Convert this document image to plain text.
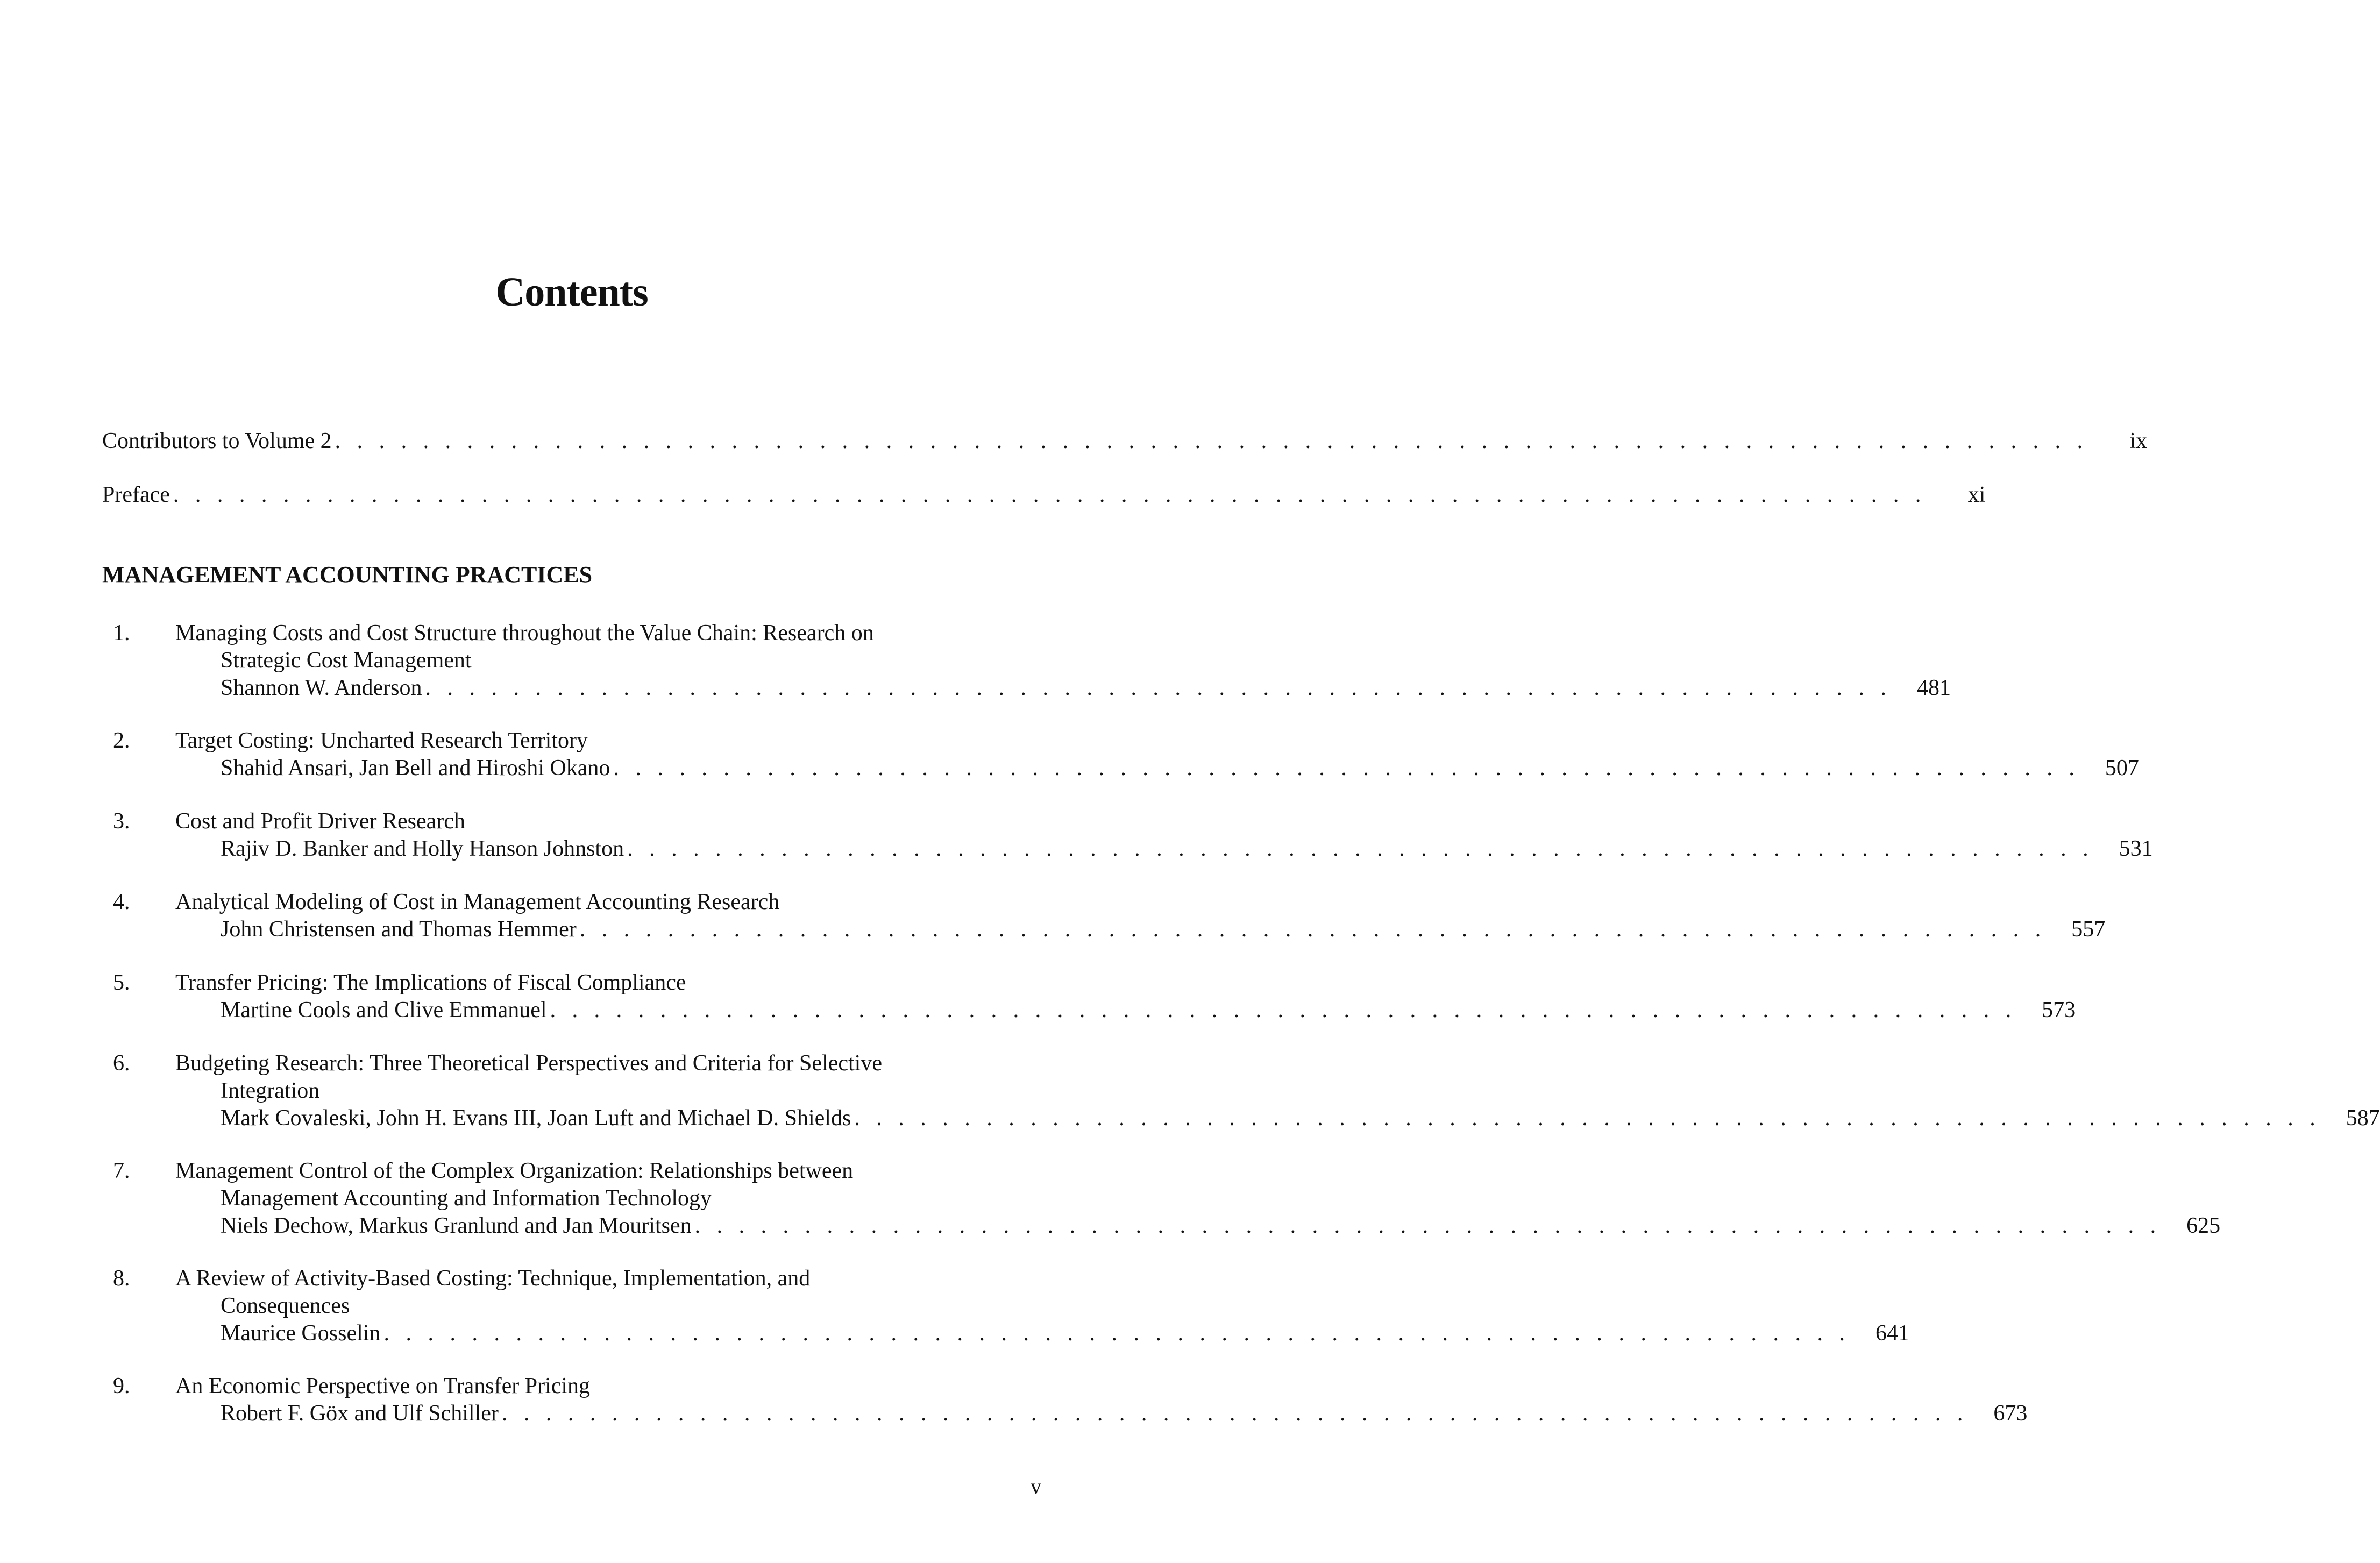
Contents
Contributors to Volume 2 . . . . . . . . . . . . . . . . . . . . . . . . . . . . . . . . . . . . . . . . . . . . . . . . . . . . . . . . . . . . . . . . . . . . . . . . . . . . . . . .	ix
Preface . . . . . . . . . . . . . . . . . . . . . . . . . . . . . . . . . . . . . . . . . . . . . . . . . . . . . . . . . . . . . . . . . . . . . . . . . . . . . . . .	xi
MANAGEMENT ACCOUNTING PRACTICES
1.	Managing Costs and Cost Structure throughout the Value Chain: Research on
Strategic Cost Management
Shannon W. Anderson . . . . . . . . . . . . . . . . . . . . . . . . . . . . . . . . . . . . . . . . . . . . . . . . . . . . . . . . . . . . . . . . . . .	481
2.	Target Costing: Uncharted Research Territory
Shahid Ansari, Jan Bell and Hiroshi Okano . . . . . . . . . . . . . . . . . . . . . . . . . . . . . . . . . . . . . . . . . . . . . . . . . . . . . . . . . . . . . . . . . . .	507
3.	Cost and Profit Driver Research
Rajiv D. Banker and Holly Hanson Johnston . . . . . . . . . . . . . . . . . . . . . . . . . . . . . . . . . . . . . . . . . . . . . . . . . . . . . . . . . . . . . . . . . . .	531
4.	Analytical Modeling of Cost in Management Accounting Research
John Christensen and Thomas Hemmer . . . . . . . . . . . . . . . . . . . . . . . . . . . . . . . . . . . . . . . . . . . . . . . . . . . . . . . . . . . . . . . . . . .	557
5.	Transfer Pricing: The Implications of Fiscal Compliance
Martine Cools and Clive Emmanuel . . . . . . . . . . . . . . . . . . . . . . . . . . . . . . . . . . . . . . . . . . . . . . . . . . . . . . . . . . . . . . . . . . .	573
6.	Budgeting Research: Three Theoretical Perspectives and Criteria for Selective
Integration
Mark Covaleski, John H. Evans III, Joan Luft and Michael D. Shields . . . . . . . . . . . . . . . . . . . . . . . . . . . . . . . . . . . . . . . . . . . . . . . . . . . . . . . . . . . . . . . . . . .	587
7.	Management Control of the Complex Organization: Relationships between
Management Accounting and Information Technology
Niels Dechow, Markus Granlund and Jan Mouritsen . . . . . . . . . . . . . . . . . . . . . . . . . . . . . . . . . . . . . . . . . . . . . . . . . . . . . . . . . . . . . . . . . . .	625
8.	A Review of Activity-Based Costing: Technique, Implementation, and
Consequences
Maurice Gosselin . . . . . . . . . . . . . . . . . . . . . . . . . . . . . . . . . . . . . . . . . . . . . . . . . . . . . . . . . . . . . . . . . . .	641
9.	An Economic Perspective on Transfer Pricing
Robert F. Göx and Ulf Schiller . . . . . . . . . . . . . . . . . . . . . . . . . . . . . . . . . . . . . . . . . . . . . . . . . . . . . . . . . . . . . . . . . . .	673
v
